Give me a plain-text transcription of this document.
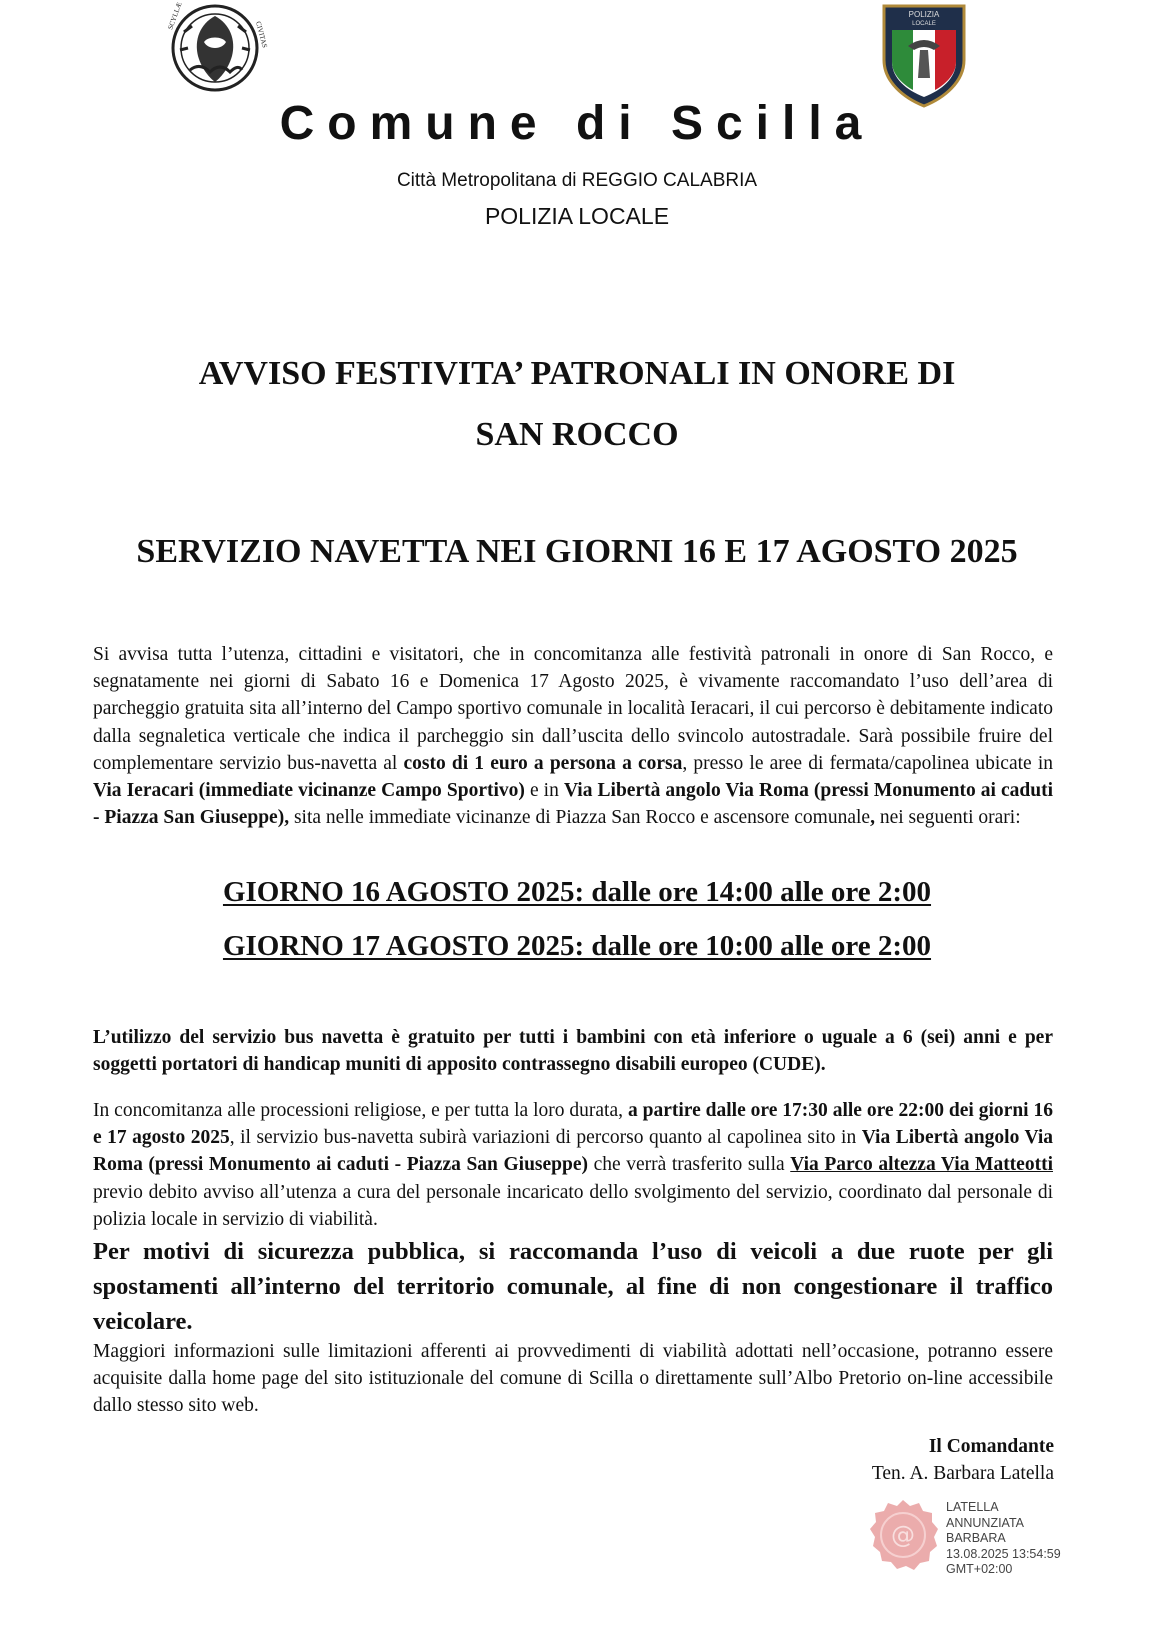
SCYLLÆ
CIVITAS
POLIZIA
LOCALE
Comune di Scilla
Città Metropolitana di REGGIO CALABRIA
POLIZIA LOCALE
AVVISO FESTIVITA’ PATRONALI IN ONORE DI
SAN ROCCO
SERVIZIO NAVETTA NEI GIORNI 16 E 17 AGOSTO 2025
Si avvisa tutta l’utenza, cittadini e visitatori, che in concomitanza alle festività patronali in onore di San Rocco, e segnatamente nei giorni di Sabato 16 e Domenica 17 Agosto 2025, è vivamente raccomandato l’uso dell’area di parcheggio gratuita sita all’interno del Campo sportivo comunale in località Ieracari, il cui percorso è debitamente indicato dalla segnaletica verticale che indica il parcheggio sin dall’uscita dello svincolo autostradale. Sarà possibile fruire del complementare servizio bus-navetta al costo di 1 euro a persona a corsa, presso le aree di fermata/capolinea ubicate in Via Ieracari (immediate vicinanze Campo Sportivo) e in Via Libertà angolo Via Roma (pressi Monumento ai caduti - Piazza San Giuseppe), sita nelle immediate vicinanze di Piazza San Rocco e ascensore comunale, nei seguenti orari:
GIORNO 16 AGOSTO 2025: dalle ore 14:00 alle ore 2:00
GIORNO 17 AGOSTO 2025: dalle ore 10:00 alle ore 2:00
L’utilizzo del servizio bus navetta è gratuito per tutti i bambini con età inferiore o uguale a 6 (sei) anni e per soggetti portatori di handicap muniti di apposito contrassegno disabili europeo (CUDE).
In concomitanza alle processioni religiose, e per tutta la loro durata, a partire dalle ore 17:30 alle ore 22:00 dei giorni 16 e 17 agosto 2025, il servizio bus-navetta subirà variazioni di percorso quanto al capolinea sito in Via Libertà angolo Via Roma (pressi Monumento ai caduti - Piazza San Giuseppe) che verrà trasferito sulla Via Parco altezza Via Matteotti previo debito avviso all’utenza a cura del personale incaricato dello svolgimento del servizio, coordinato dal personale di polizia locale in servizio di viabilità.
Per motivi di sicurezza pubblica, si raccomanda l’uso di veicoli a due ruote per gli spostamenti all’interno del territorio comunale, al fine di non congestionare il traffico veicolare.
Maggiori informazioni sulle limitazioni afferenti ai provvedimenti di viabilità adottati nell’occasione, potranno essere acquisite dalla home page del sito istituzionale del comune di Scilla o direttamente sull’Albo Pretorio on-line accessibile dallo stesso sito web.
Il Comandante
Ten. A. Barbara Latella
@
LATELLA
ANNUNZIATA
BARBARA
13.08.2025 13:54:59
GMT+02:00
